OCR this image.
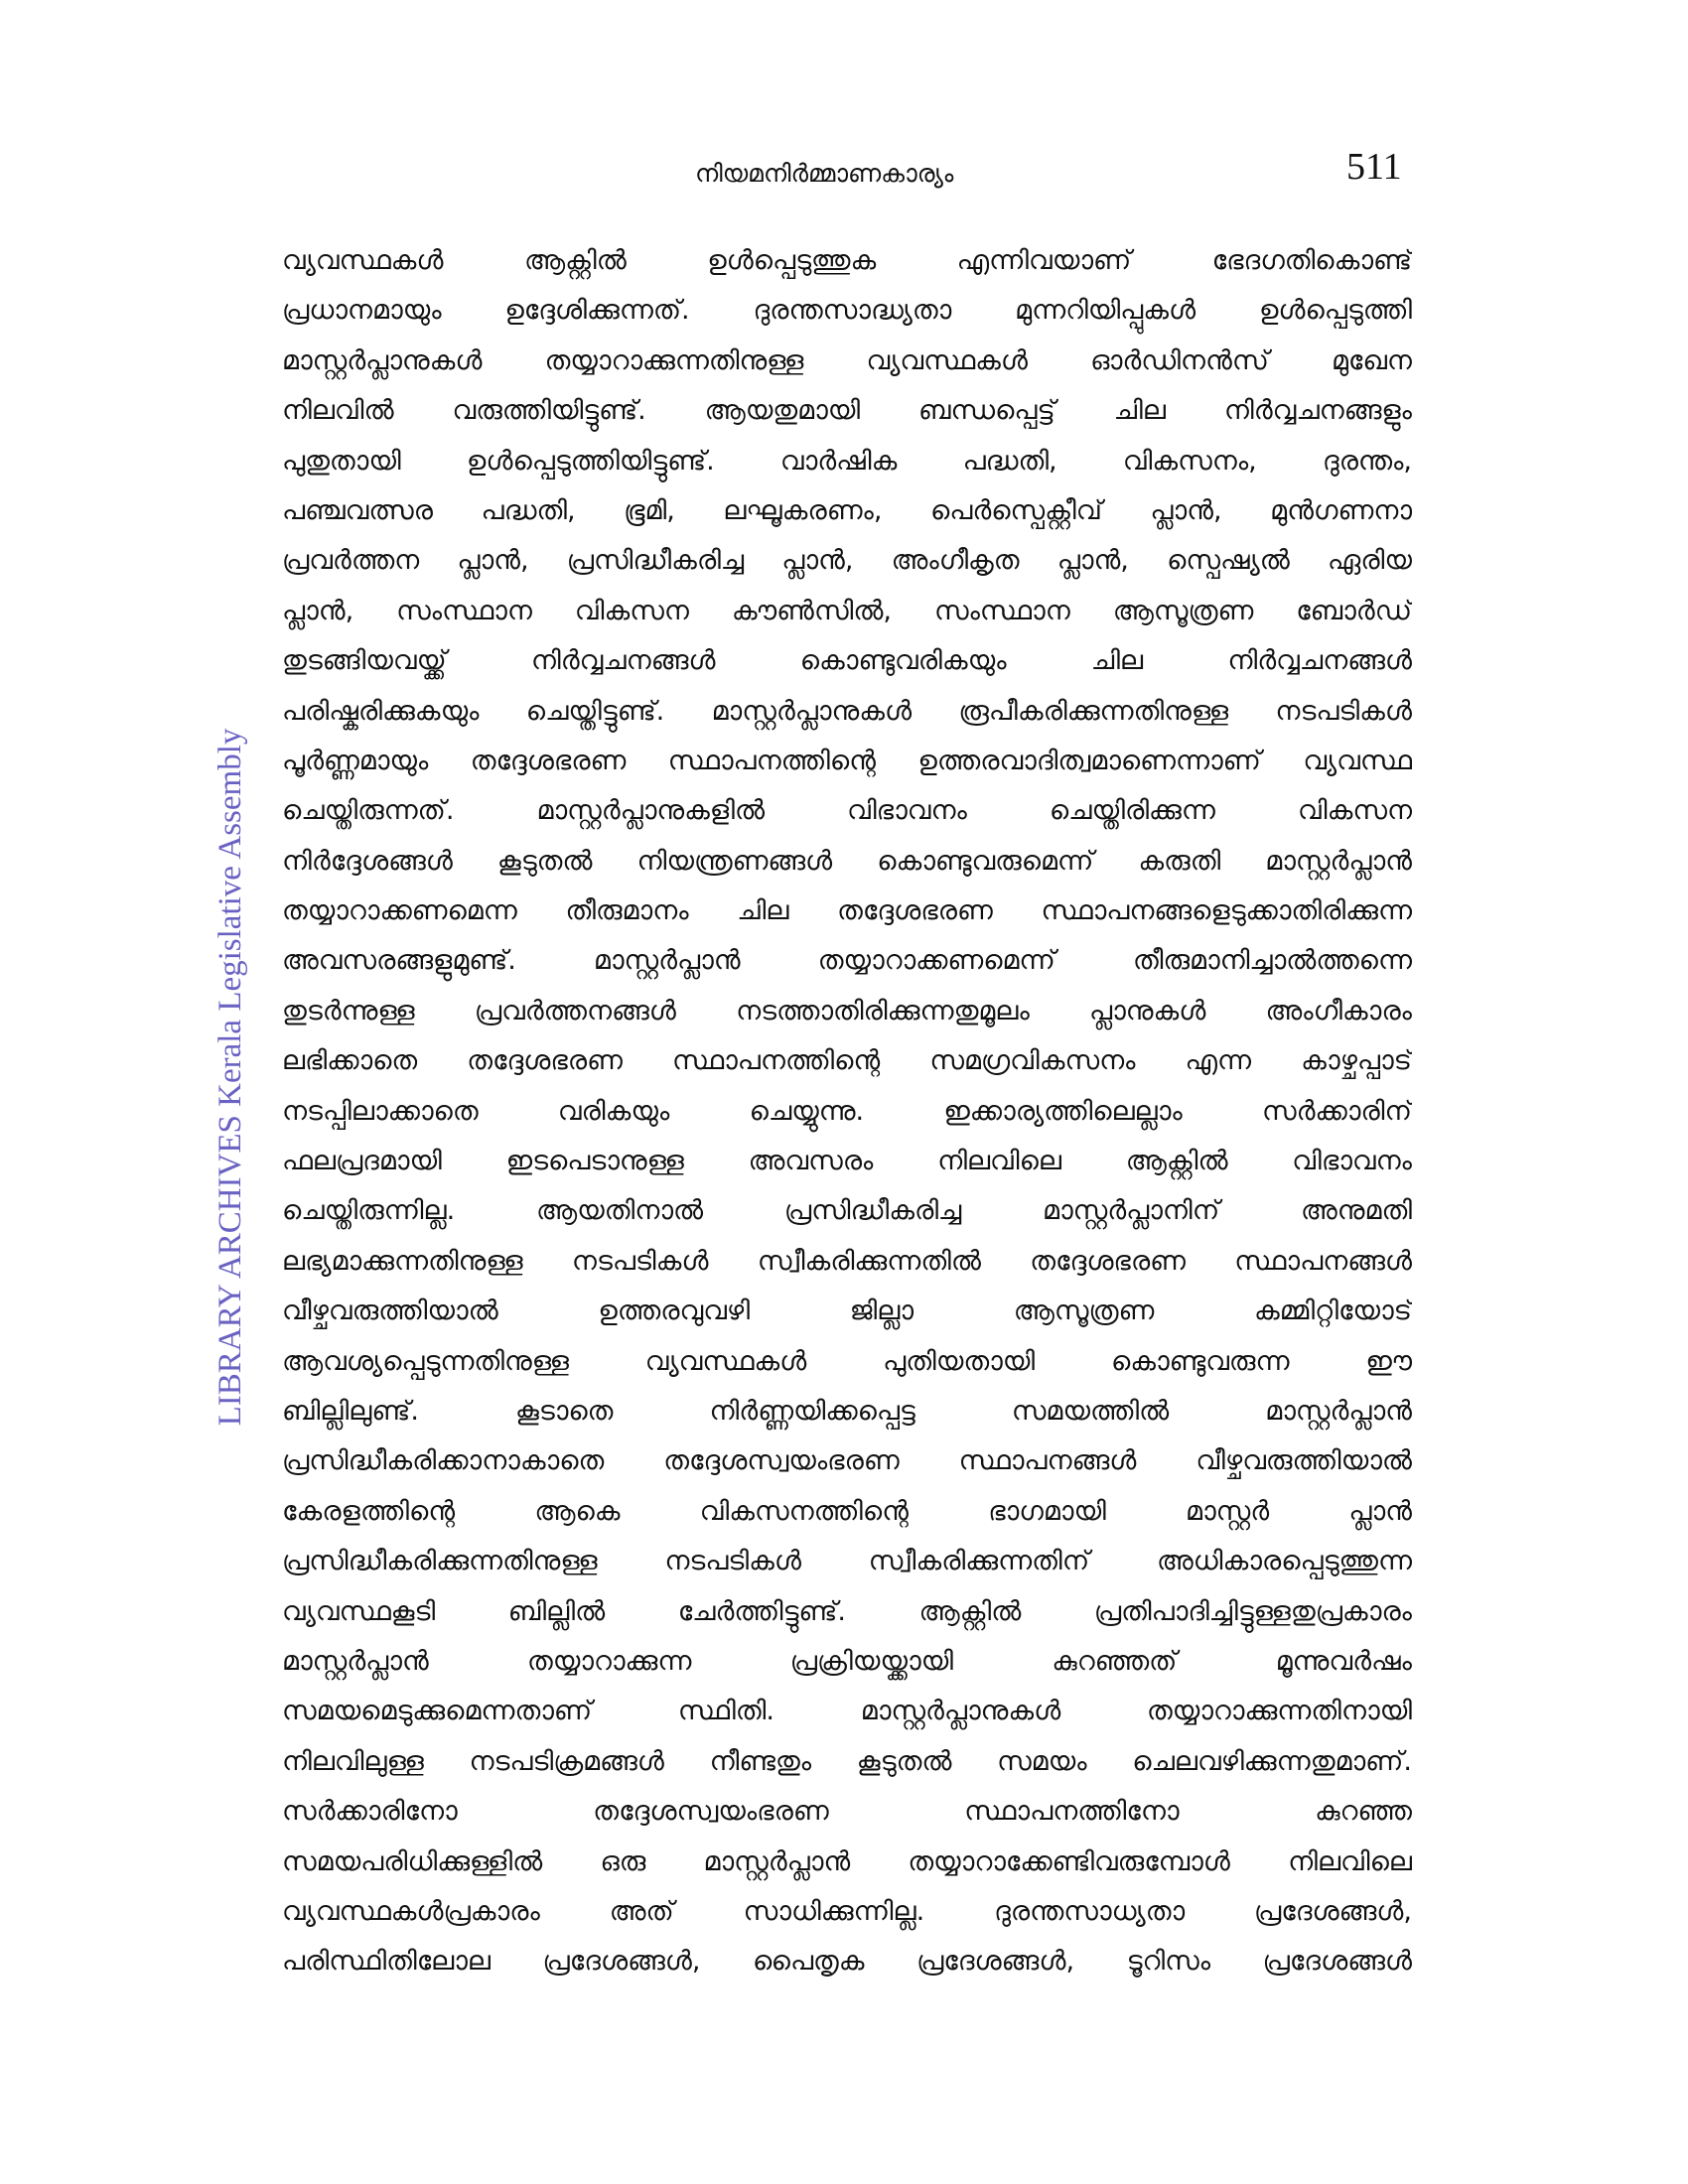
നിയമനിർമ്മാണകാര്യം	511
LIBRARY ARCHIVES Kerala Legislative Assembly
വ്യവസ്ഥകൾ ആക്റ്റിൽ ഉൾപ്പെടുത്തുക എന്നിവയാണ് ഭേദഗതികൊണ്ട്
പ്രധാനമായും ഉദ്ദേശിക്കുന്നത്. ദുരന്തസാദ്ധ്യതാ മുന്നറിയിപ്പുകൾ ഉൾപ്പെടുത്തി
മാസ്റ്റർപ്ലാനുകൾ തയ്യാറാക്കുന്നതിനുള്ള വ്യവസ്ഥകൾ ഓർഡിനൻസ് മുഖേന
നിലവിൽ വരുത്തിയിട്ടുണ്ട്. ആയതുമായി ബന്ധപ്പെട്ട് ചില നിർവ്വചനങ്ങളും
പുതുതായി ഉൾപ്പെടുത്തിയിട്ടുണ്ട്. വാർഷിക പദ്ധതി, വികസനം, ദുരന്തം,
പഞ്ചവത്സര പദ്ധതി, ഭൂമി, ലഘൂകരണം, പെർസ്പെക്റ്റീവ് പ്ലാൻ, മുൻഗണനാ
പ്രവർത്തന പ്ലാൻ, പ്രസിദ്ധീകരിച്ച പ്ലാൻ, അംഗീകൃത പ്ലാൻ, സ്പെഷ്യൽ ഏരിയ
പ്ലാൻ, സംസ്ഥാന വികസന കൗൺസിൽ, സംസ്ഥാന ആസൂത്രണ ബോർഡ്
തുടങ്ങിയവയ്ക്ക് നിർവ്വചനങ്ങൾ കൊണ്ടുവരികയും ചില നിർവ്വചനങ്ങൾ
പരിഷ്കരിക്കുകയും ചെയ്തിട്ടുണ്ട്. മാസ്റ്റർപ്ലാനുകൾ രൂപീകരിക്കുന്നതിനുള്ള നടപടികൾ
പൂർണ്ണമായും തദ്ദേശഭരണ സ്ഥാപനത്തിന്റെ ഉത്തരവാദിത്വമാണെന്നാണ് വ്യവസ്ഥ
ചെയ്തിരുന്നത്. മാസ്റ്റർപ്ലാനുകളിൽ വിഭാവനം ചെയ്തിരിക്കുന്ന വികസന
നിർദ്ദേശങ്ങൾ കൂടുതൽ നിയന്ത്രണങ്ങൾ കൊണ്ടുവരുമെന്ന് കരുതി മാസ്റ്റർപ്ലാൻ
തയ്യാറാക്കണമെന്ന തീരുമാനം ചില തദ്ദേശഭരണ സ്ഥാപനങ്ങളെടുക്കാതിരിക്കുന്ന
അവസരങ്ങളുമുണ്ട്. മാസ്റ്റർപ്ലാൻ തയ്യാറാക്കണമെന്ന് തീരുമാനിച്ചാൽത്തന്നെ
തുടർന്നുള്ള പ്രവർത്തനങ്ങൾ നടത്താതിരിക്കുന്നതുമൂലം പ്ലാനുകൾ അംഗീകാരം
ലഭിക്കാതെ തദ്ദേശഭരണ സ്ഥാപനത്തിന്റെ സമഗ്രവികസനം എന്ന കാഴ്ചപ്പാട്
നടപ്പിലാക്കാതെ വരികയും ചെയ്യുന്നു. ഇക്കാര്യത്തിലെല്ലാം സർക്കാരിന്
ഫലപ്രദമായി ഇടപെടാനുള്ള അവസരം നിലവിലെ ആക്റ്റിൽ വിഭാവനം
ചെയ്തിരുന്നില്ല. ആയതിനാൽ പ്രസിദ്ധീകരിച്ച മാസ്റ്റർപ്ലാനിന് അനുമതി
ലഭ്യമാക്കുന്നതിനുള്ള നടപടികൾ സ്വീകരിക്കുന്നതിൽ തദ്ദേശഭരണ സ്ഥാപനങ്ങൾ
വീഴ്ചവരുത്തിയാൽ ഉത്തരവുവഴി ജില്ലാ ആസൂത്രണ കമ്മിറ്റിയോട്
ആവശ്യപ്പെടുന്നതിനുള്ള വ്യവസ്ഥകൾ പുതിയതായി കൊണ്ടുവരുന്ന ഈ
ബില്ലിലുണ്ട്. കൂടാതെ നിർണ്ണയിക്കപ്പെട്ട സമയത്തിൽ മാസ്റ്റർപ്ലാൻ
പ്രസിദ്ധീകരിക്കാനാകാതെ തദ്ദേശസ്വയംഭരണ സ്ഥാപനങ്ങൾ വീഴ്ചവരുത്തിയാൽ
കേരളത്തിന്റെ ആകെ വികസനത്തിന്റെ ഭാഗമായി മാസ്റ്റർ പ്ലാൻ
പ്രസിദ്ധീകരിക്കുന്നതിനുള്ള നടപടികൾ സ്വീകരിക്കുന്നതിന് അധികാരപ്പെടുത്തുന്ന
വ്യവസ്ഥകൂടി ബില്ലിൽ ചേർത്തിട്ടുണ്ട്. ആക്റ്റിൽ പ്രതിപാദിച്ചിട്ടുള്ളതുപ്രകാരം
മാസ്റ്റർപ്ലാൻ തയ്യാറാക്കുന്ന പ്രക്രിയയ്ക്കായി കുറഞ്ഞത് മൂന്നുവർഷം
സമയമെടുക്കുമെന്നതാണ് സ്ഥിതി. മാസ്റ്റർപ്ലാനുകൾ തയ്യാറാക്കുന്നതിനായി
നിലവിലുള്ള നടപടിക്രമങ്ങൾ നീണ്ടതും കൂടുതൽ സമയം ചെലവഴിക്കുന്നതുമാണ്.
സർക്കാരിനോ തദ്ദേശസ്വയംഭരണ സ്ഥാപനത്തിനോ കുറഞ്ഞ
സമയപരിധിക്കുള്ളിൽ ഒരു മാസ്റ്റർപ്ലാൻ തയ്യാറാക്കേണ്ടിവരുമ്പോൾ നിലവിലെ
വ്യവസ്ഥകൾപ്രകാരം അത് സാധിക്കുന്നില്ല. ദുരന്തസാധ്യതാ പ്രദേശങ്ങൾ,
പരിസ്ഥിതിലോല പ്രദേശങ്ങൾ, പൈതൃക പ്രദേശങ്ങൾ, ടൂറിസം പ്രദേശങ്ങൾ
